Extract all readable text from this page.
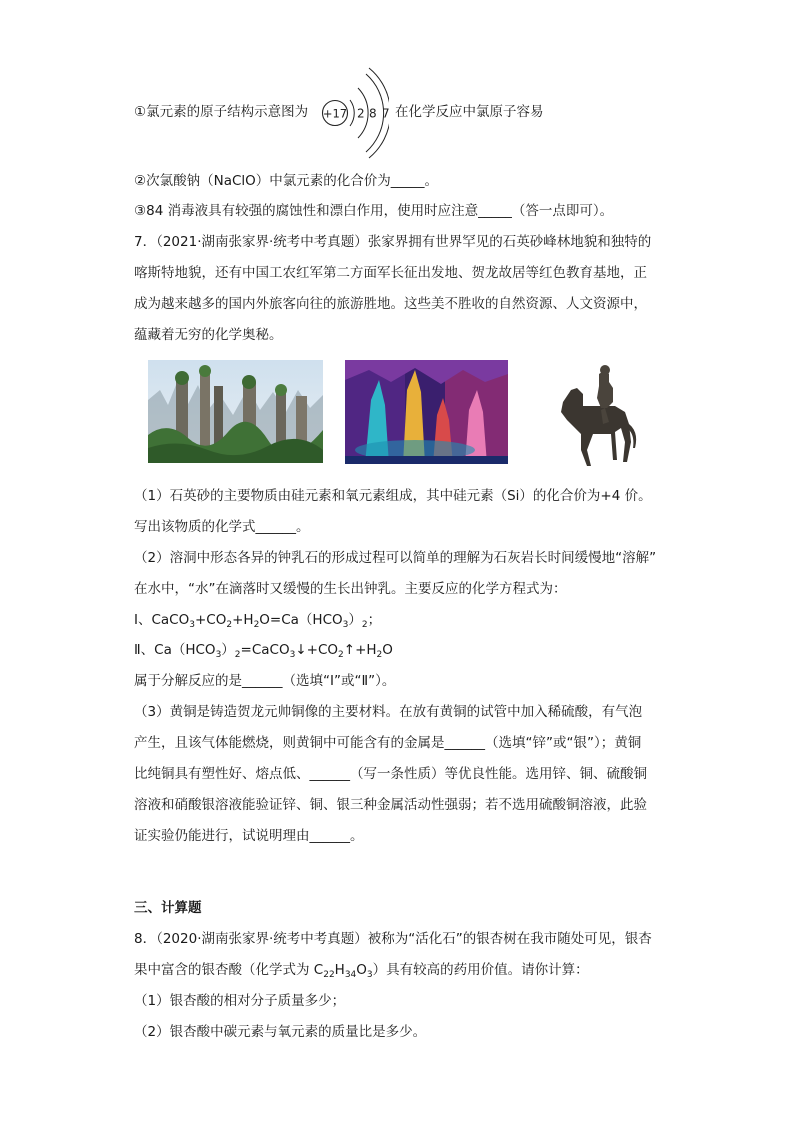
①氯元素的原子结构示意图为 +17 2 8 7 在化学反应中氯原子容易
②次氯酸钠（NaClO）中氯元素的化合价为_____。
③84 消毒液具有较强的腐蚀性和漂白作用，使用时应注意_____（答一点即可）。
7．（2021·湖南张家界·统考中考真题）张家界拥有世界罕见的石英砂峰林地貌和独特的
喀斯特地貌，还有中国工农红军第二方面军长征出发地、贺龙故居等红色教育基地，正
成为越来越多的国内外旅客向往的旅游胜地。这些美不胜收的自然资源、人文资源中，
蕴藏着无穷的化学奥秘。
（1）石英砂的主要物质由硅元素和氧元素组成，其中硅元素（Si）的化合价为+4 价。
写出该物质的化学式______。
（2）溶洞中形态各异的钟乳石的形成过程可以简单的理解为石灰岩长时间缓慢地“溶解”
在水中，“水”在滴落时又缓慢的生长出钟乳。主要反应的化学方程式为：
Ⅰ、$CaCO_3+CO_2+H_2O=Ca(HCO_3)_2$；
Ⅱ、$Ca(HCO_3)_2=CaCO_3↓+CO_2↑+H_2O$
属于分解反应的是______（选填“Ⅰ”或“Ⅱ”）。
（3）黄铜是铸造贺龙元帅铜像的主要材料。在放有黄铜的试管中加入稀硫酸，有气泡
产生，且该气体能燃烧，则黄铜中可能含有的金属是______（选填“锌”或“银”）；黄铜
比纯铜具有塑性好、熔点低、______（写一条性质）等优良性能。选用锌、铜、硫酸铜
溶液和硝酸银溶液能验证锌、铜、银三种金属活动性强弱；若不选用硫酸铜溶液，此验
证实验仍能进行，试说明理由______。
三、计算题
8．（2020·湖南张家界·统考中考真题）被称为“活化石”的银杏树在我市随处可见，银杏
果中富含的银杏酸（化学式为 $C_{22}H_{34}O_3$）具有较高的药用价值。请你计算：
（1）银杏酸的相对分子质量多少；
（2）银杏酸中碳元素与氧元素的质量比是多少。
